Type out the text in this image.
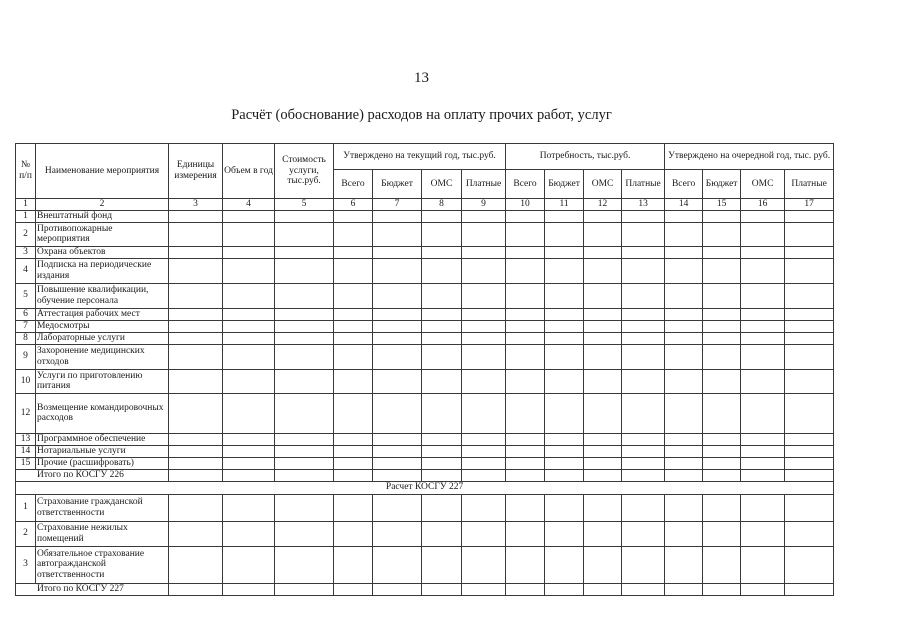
13
Расчёт (обоснование) расходов на оплату прочих работ, услуг
№ п/п	Наименование мероприятия	Единицы измерения	Объем в год	Стоимость услуги, тыс.руб.	Утверждено на текущий год, тыс.руб.				Потребность, тыс.руб.				Утверждено на очередной год, тыс. руб.			
					Всего	Бюджет	ОМС	Платные	Всего	Бюджет	ОМС	Платные	Всего	Бюджет	ОМС	Платные
1	2	3	4	5	6	7	8	9	10	11	12	13	14	15	16	17
1	Внештатный фонд															
2	Противопожарные мероприятия															
3	Охрана объектов															
4	Подписка на периодические издания															
5	Повышение квалификации, обучение персонала															
6	Аттестация рабочих мест															
7	Медосмотры															
8	Лабораторные услуги															
9	Захоронение медицинских отходов															
10	Услуги по приготовлению питания															
12	Возмещение командировочных расходов															
13	Программное обеспечение															
14	Нотариальные услуги															
15	Прочие (расшифровать)															
Итого по КОСГУ 226																
Расчет КОСГУ 227																
1	Страхование гражданской ответственности															
2	Страхование нежилых помещений															
3	Обязательное страхование автогражданской ответственности															
Итого по КОСГУ 227																
